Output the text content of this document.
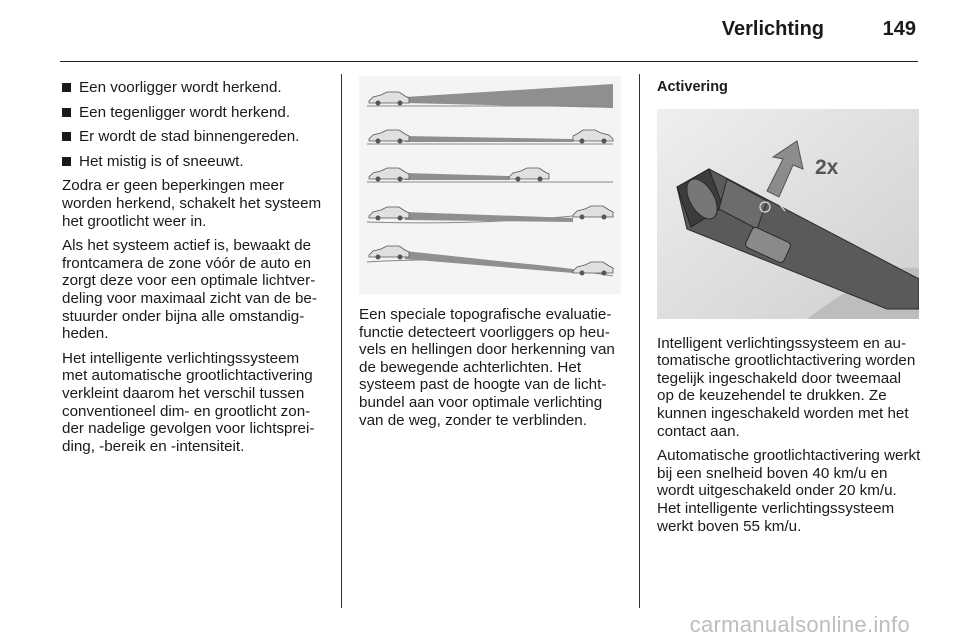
Verlichting	149
Een voorligger wordt herkend.
Een tegenligger wordt herkend.
Er wordt de stad binnengereden.
Het mistig is of sneeuwt.

Zodra er geen beperkingen meer worden herkend, schakelt het systeem het grootlicht weer in.

Als het systeem actief is, bewaakt de frontcamera de zone vóór de auto en zorgt deze voor een optimale lichtverdeling voor maximaal zicht van de bestuurder onder bijna alle omstandigheden.

Het intelligente verlichtingssysteem met automatische grootlichtactivering verkleint daarom het verschil tussen conventioneel dim- en grootlicht zonder nadelige gevolgen voor lichtspreiding, -bereik en -intensiteit.

Een speciale topografische evaluatiefunctie detecteert voorliggers op heuvels en hellingen door herkenning van de bewegende achterlichten. Het systeem past de hoogte van de lichtbundel aan voor optimale verlichting van de weg, zonder te verblinden.

Activering
2x

Intelligent verlichtingssysteem en automatische grootlichtactivering worden tegelijk ingeschakeld door tweemaal op de keuzehendel te drukken. Ze kunnen ingeschakeld worden met het contact aan.

Automatische grootlichtactivering werkt bij een snelheid boven 40 km/u en wordt uitgeschakeld onder 20 km/u. Het intelligente verlichtingssysteem werkt boven 55 km/u.

carmanualsonline.info
